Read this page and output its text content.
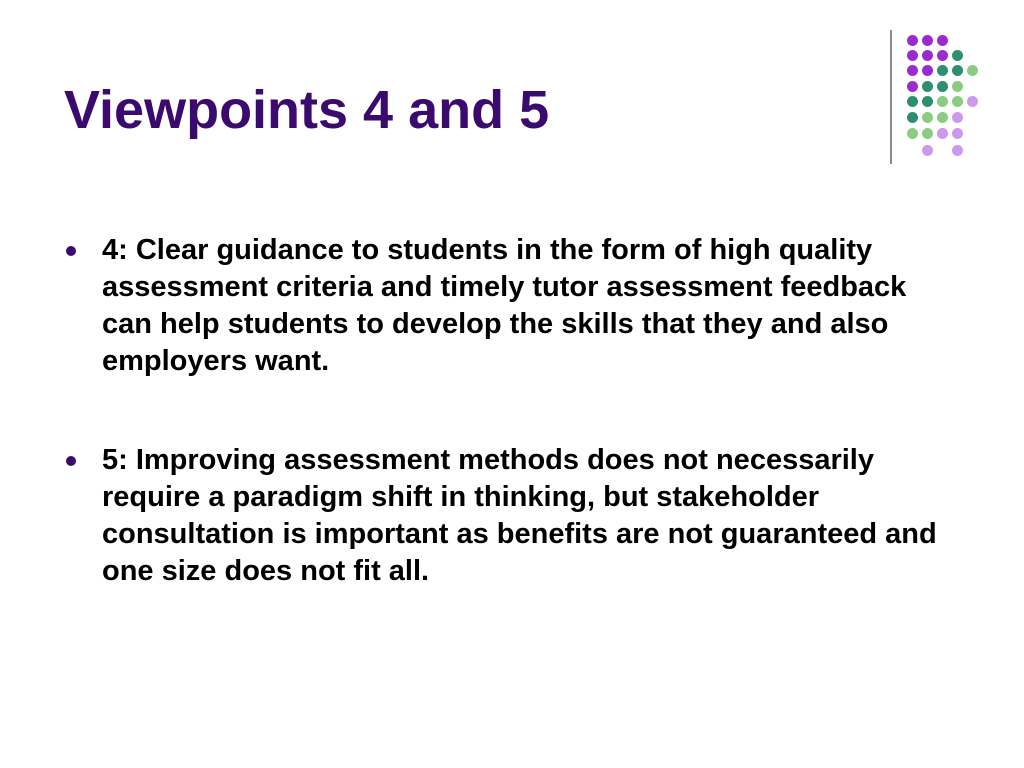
Viewpoints 4 and 5
4: Clear guidance to students in the form of high quality assessment criteria and timely tutor assessment feedback can help students to develop the skills that they and also employers want.
5: Improving assessment methods does not necessarily require a paradigm shift in thinking, but stakeholder consultation is important as benefits are not guaranteed and one size does not fit all.
